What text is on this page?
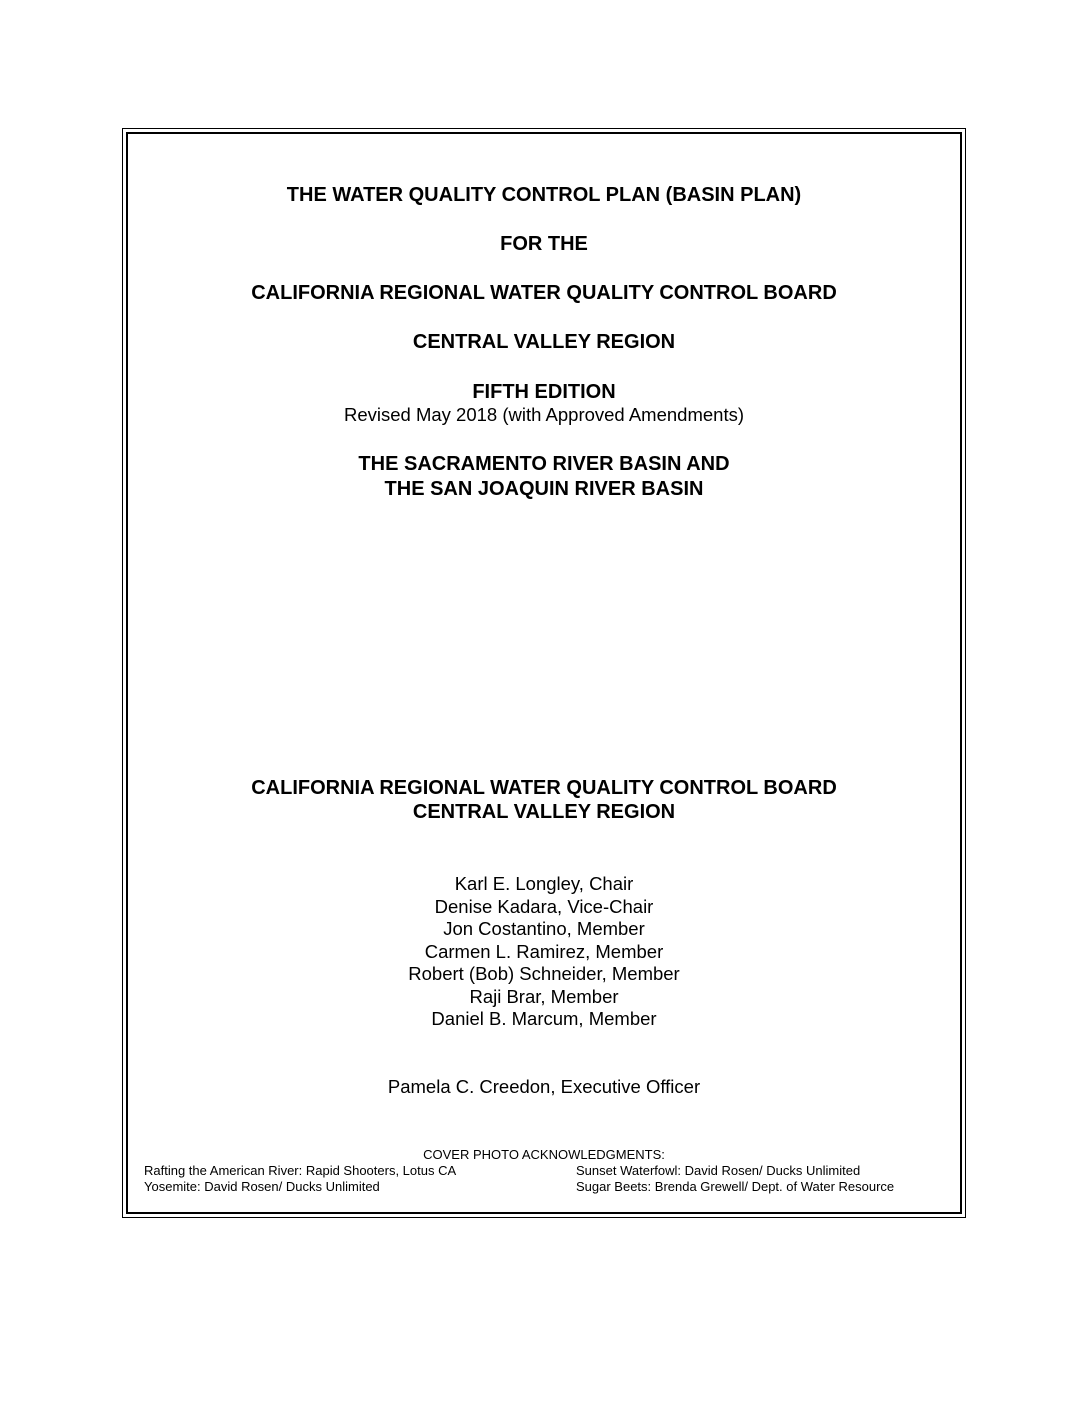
THE WATER QUALITY CONTROL PLAN (BASIN PLAN)
FOR THE
CALIFORNIA REGIONAL WATER QUALITY CONTROL BOARD
CENTRAL VALLEY REGION
FIFTH EDITION
Revised May 2018 (with Approved Amendments)
THE SACRAMENTO RIVER BASIN AND
THE SAN JOAQUIN RIVER BASIN
CALIFORNIA REGIONAL WATER QUALITY CONTROL BOARD
CENTRAL VALLEY REGION
Karl E. Longley, Chair
Denise Kadara, Vice-Chair
Jon Costantino, Member
Carmen L. Ramirez, Member
Robert (Bob) Schneider, Member
Raji Brar, Member
Daniel B. Marcum, Member
Pamela C. Creedon, Executive Officer
COVER PHOTO ACKNOWLEDGMENTS:
Rafting the American River: Rapid Shooters, Lotus CA
Yosemite: David Rosen/ Ducks Unlimited
Sunset Waterfowl: David Rosen/ Ducks Unlimited
Sugar Beets: Brenda Grewell/ Dept. of Water Resource
